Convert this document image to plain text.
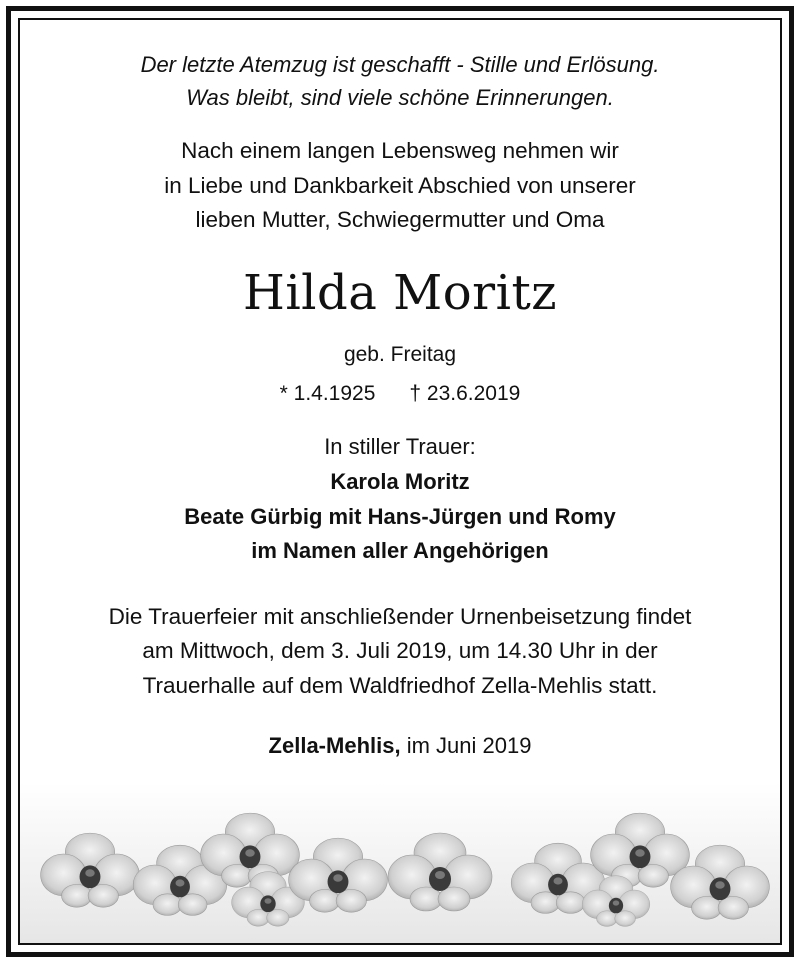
Der letzte Atemzug ist geschafft - Stille und Erlösung.
Was bleibt, sind viele schöne Erinnerungen.
Nach einem langen Lebensweg nehmen wir
in Liebe und Dankbarkeit Abschied von unserer
lieben Mutter, Schwiegermutter und Oma
Hilda Moritz
geb. Freitag
* 1.4.1925 † 23.6.2019
In stiller Trauer:
Karola Moritz
Beate Gürbig mit Hans-Jürgen und Romy
im Namen aller Angehörigen
Die Trauerfeier mit anschließender Urnenbeisetzung findet
am Mittwoch, dem 3. Juli 2019, um 14.30 Uhr in der
Trauerhalle auf dem Waldfriedhof Zella-Mehlis statt.
Zella-Mehlis, im Juni 2019
